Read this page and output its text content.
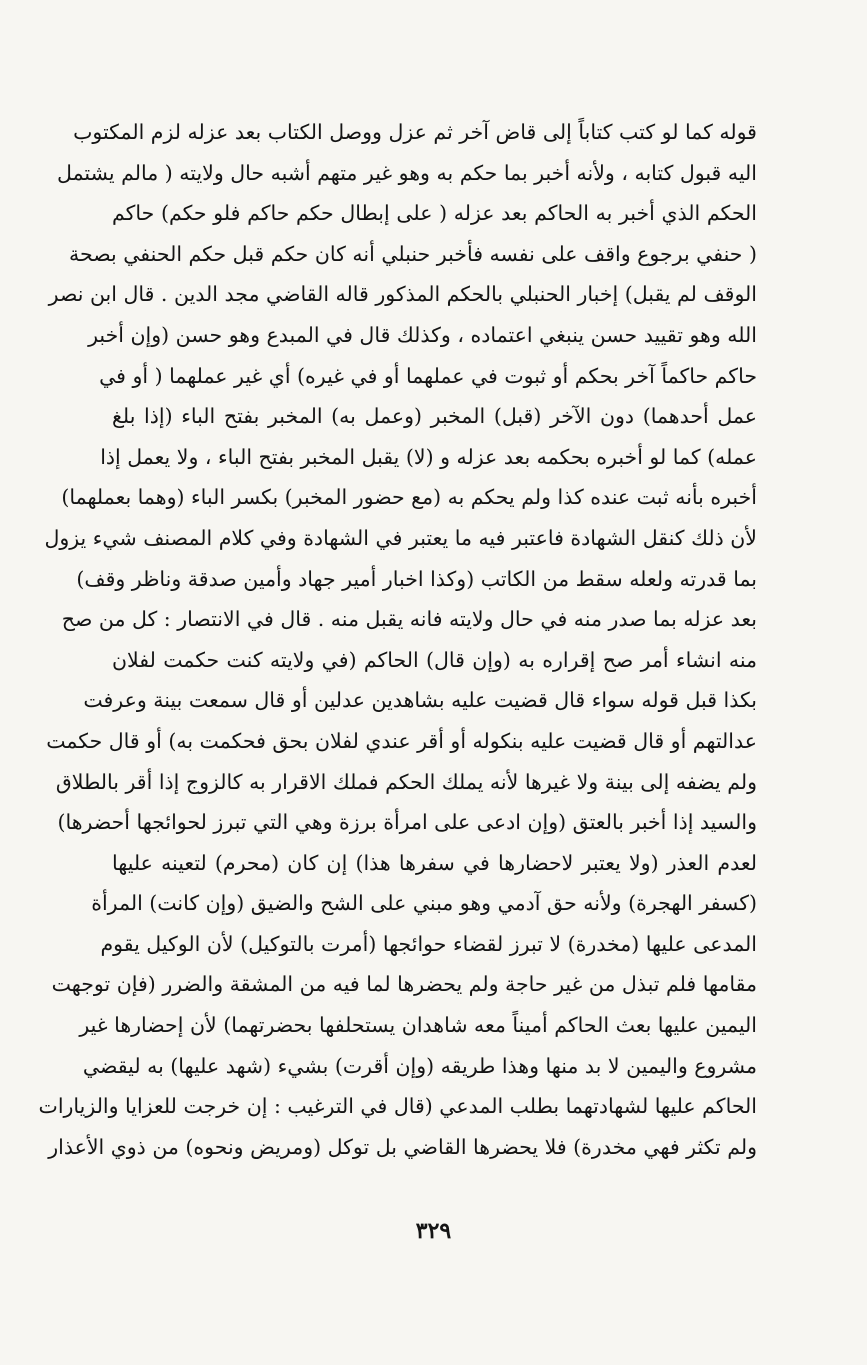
قوله كما لو كتب كتاباً إلى قاض آخر ثم عزل ووصل الكتاب بعد عزله لزم المكتوب
اليه قبول كتابه ، ولأنه أخبر بما حكم به وهو غير متهم أشبه حال ولايته ( مالم يشتمل
الحكم الذي أخبر به الحاكم بعد عزله ( على إبطال حكم حاكم فلو حكم) حاكم
( حنفي برجوع واقف على نفسه فأخبر حنبلي أنه كان حكم قبل حكم الحنفي بصحة
الوقف لم يقبل) إخبار الحنبلي بالحكم المذكور قاله القاضي مجد الدين . قال ابن نصر
الله وهو تقييد حسن ينبغي اعتماده ، وكذلك قال في المبدع وهو حسن (وإن أخبر
حاكم حاكماً آخر بحكم أو ثبوت في عملهما أو في غيره) أي غير عملهما ( أو في
عمل أحدهما) دون الآخر (قبل) المخبر (وعمل به) المخبر بفتح الباء (إذا بلغ
عمله) كما لو أخبره بحكمه بعد عزله و (لا) يقبل المخبر بفتح الباء ، ولا يعمل إذا
أخبره بأنه ثبت عنده كذا ولم يحكم به (مع حضور المخبر) بكسر الباء (وهما بعملهما)
لأن ذلك كنقل الشهادة فاعتبر فيه ما يعتبر في الشهادة وفي كلام المصنف شيء يزول
بما قدرته ولعله سقط من الكاتب (وكذا اخبار أمير جهاد وأمين صدقة وناظر وقف)
بعد عزله بما صدر منه في حال ولايته فانه يقبل منه . قال في الانتصار : كل من صح
منه انشاء أمر صح إقراره به (وإن قال) الحاكم (في ولايته كنت حكمت لفلان
بكذا قبل قوله سواء قال قضيت عليه بشاهدين عدلين أو قال سمعت بينة وعرفت
عدالتهم أو قال قضيت عليه بنكوله أو أقر عندي لفلان بحق فحكمت به) أو قال حكمت
ولم يضفه إلى بينة ولا غيرها لأنه يملك الحكم فملك الاقرار به كالزوج إذا أقر بالطلاق
والسيد إذا أخبر بالعتق (وإن ادعى على امرأة برزة وهي التي تبرز لحوائجها أحضرها)
لعدم العذر (ولا يعتبر لاحضارها في سفرها هذا) إن كان (محرم) لتعينه عليها
(كسفر الهجرة) ولأنه حق آدمي وهو مبني على الشح والضيق (وإن كانت) المرأة
المدعى عليها (مخدرة) لا تبرز لقضاء حوائجها (أمرت بالتوكيل) لأن الوكيل يقوم
مقامها فلم تبذل من غير حاجة ولم يحضرها لما فيه من المشقة والضرر (فإن توجهت
اليمين عليها بعث الحاكم أميناً معه شاهدان يستحلفها بحضرتهما) لأن إحضارها غير
مشروع واليمين لا بد منها وهذا طريقه (وإن أقرت) بشيء (شهد عليها) به ليقضي
الحاكم عليها لشهادتهما بطلب المدعي (قال في الترغيب : إن خرجت للعزايا والزيارات
ولم تكثر فهي مخدرة) فلا يحضرها القاضي بل توكل (ومريض ونحوه) من ذوي الأعذار
٣٢٩
